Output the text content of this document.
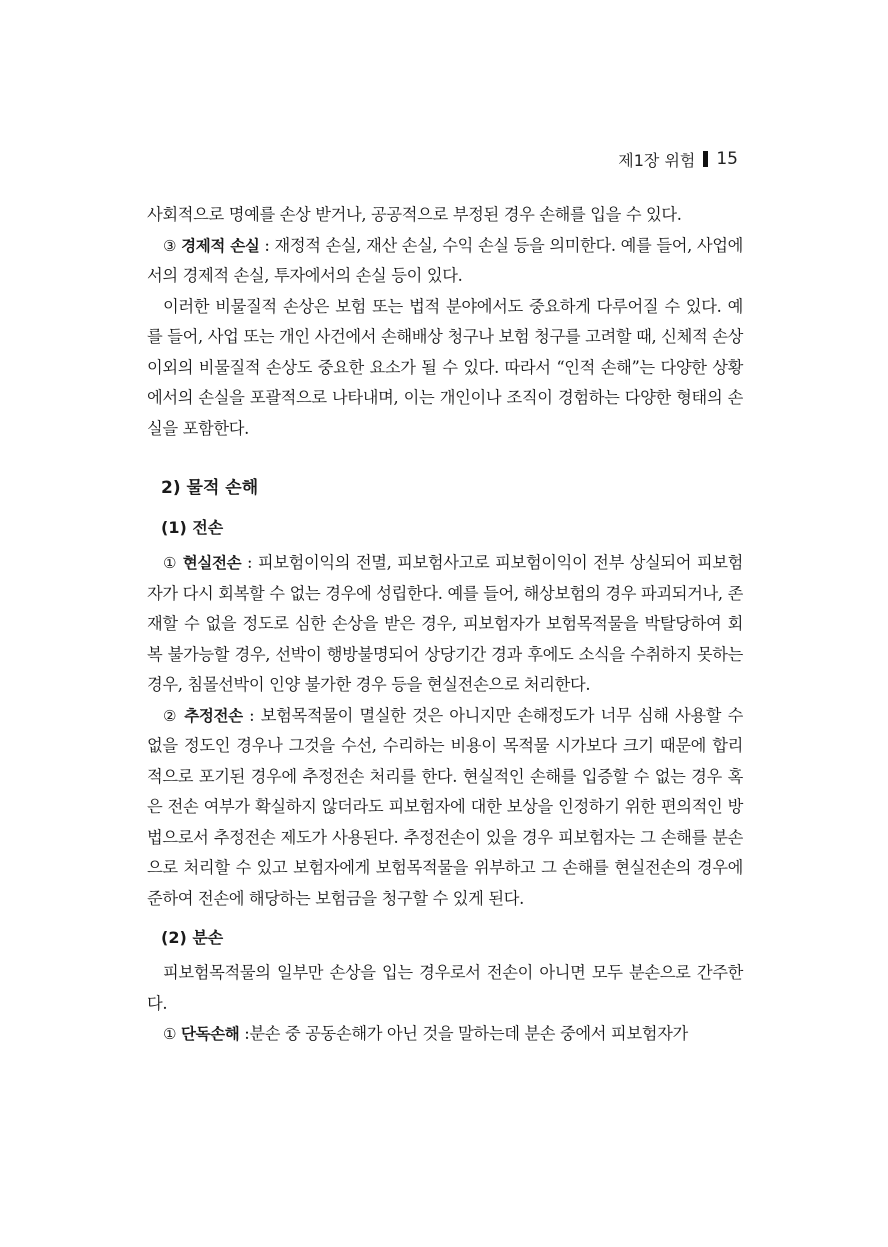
제1장 위험 15

사회적으로 명예를 손상 받거나, 공공적으로 부정된 경우 손해를 입을 수 있다.

③ 경제적 손실 : 재정적 손실, 재산 손실, 수익 손실 등을 의미한다. 예를 들어, 사업에서의 경제적 손실, 투자에서의 손실 등이 있다.

이러한 비물질적 손상은 보험 또는 법적 분야에서도 중요하게 다루어질 수 있다. 예를 들어, 사업 또는 개인 사건에서 손해배상 청구나 보험 청구를 고려할 때, 신체적 손상 이외의 비물질적 손상도 중요한 요소가 될 수 있다. 따라서 “인적 손해”는 다양한 상황에서의 손실을 포괄적으로 나타내며, 이는 개인이나 조직이 경험하는 다양한 형태의 손실을 포함한다.

2) 물적 손해
(1) 전손

① 현실전손 : 피보험이익의 전멸, 피보험사고로 피보험이익이 전부 상실되어 피보험자가 다시 회복할 수 없는 경우에 성립한다. 예를 들어, 해상보험의 경우 파괴되거나, 존재할 수 없을 정도로 심한 손상을 받은 경우, 피보험자가 보험목적물을 박탈당하여 회복 불가능할 경우, 선박이 행방불명되어 상당기간 경과 후에도 소식을 수취하지 못하는 경우, 침몰선박이 인양 불가한 경우 등을 현실전손으로 처리한다.

② 추정전손 : 보험목적물이 멸실한 것은 아니지만 손해정도가 너무 심해 사용할 수 없을 정도인 경우나 그것을 수선, 수리하는 비용이 목적물 시가보다 크기 때문에 합리적으로 포기된 경우에 추정전손 처리를 한다. 현실적인 손해를 입증할 수 없는 경우 혹은 전손 여부가 확실하지 않더라도 피보험자에 대한 보상을 인정하기 위한 편의적인 방법으로서 추정전손 제도가 사용된다. 추정전손이 있을 경우 피보험자는 그 손해를 분손으로 처리할 수 있고 보험자에게 보험목적물을 위부하고 그 손해를 현실전손의 경우에 준하여 전손에 해당하는 보험금을 청구할 수 있게 된다.

(2) 분손

피보험목적물의 일부만 손상을 입는 경우로서 전손이 아니면 모두 분손으로 간주한다.

① 단독손해 :분손 중 공동손해가 아닌 것을 말하는데 분손 중에서 피보험자가
